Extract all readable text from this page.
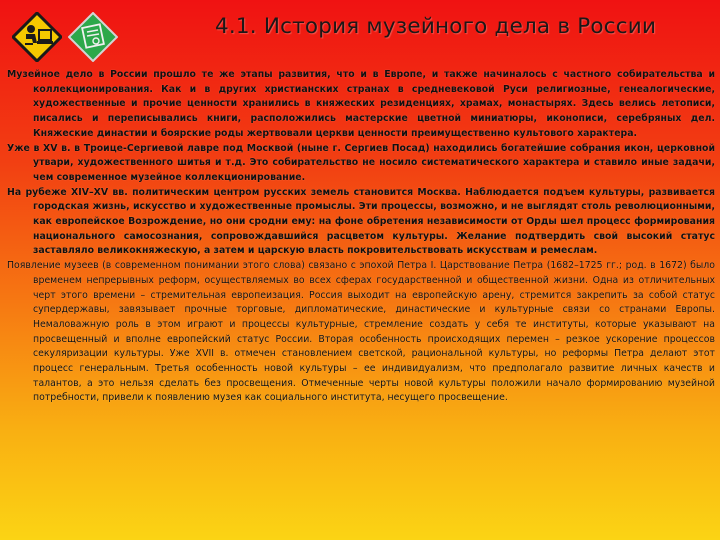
4.1. История музейного дела в России

Музейное дело в России прошло те же этапы развития, что и в Европе, и также начиналось с частного собирательства и коллекционирования. Как и в других христианских странах в средневековой Руси религиозные, генеалогические, художественные и прочие ценности хранились в княжеских резиденциях, храмах, монастырях. Здесь велись летописи, писались и переписывались книги, расположились мастерские цветной миниатюры, иконописи, серебряных дел. Княжеские династии и боярские роды жертвовали церкви ценности преимущественно культового характера.

Уже в XV в. в Троице-Сергиевой лавре под Москвой (ныне г. Сергиев Посад) находились богатейшие собрания икон, церковной утвари, художественного шитья и т.д. Это собирательство не носило систематического характера и ставило иные задачи, чем современное музейное коллекционирование.

На рубеже XIV–XV вв. политическим центром русских земель становится Москва. Наблюдается подъем культуры, развивается городская жизнь, искусство и художественные промыслы. Эти процессы, возможно, и не выглядят столь революционными, как европейское Возрождение, но они сродни ему: на фоне обретения независимости от Орды шел процесс формирования национального самосознания, сопровождавшийся расцветом культуры. Желание подтвердить свой высокий статус заставляло великокняжескую, а затем и царскую власть покровительствовать искусствам и ремеслам.

Появление музеев (в современном понимании этого слова) связано с эпохой Петра I. Царствование Петра (1682–1725 гг.; род. в 1672) было временем непрерывных реформ, осуществляемых во всех сферах государственной и общественной жизни. Одна из отличительных черт этого времени – стремительная европеизация. Россия выходит на европейскую арену, стремится закрепить за собой статус супердержавы, завязывает прочные торговые, дипломатические, династические и культурные связи со странами Европы. Немаловажную роль в этом играют и процессы культурные, стремление создать у себя те институты, которые указывают на просвещенный и вполне европейский статус России. Вторая особенность происходящих перемен – резкое ускорение процессов секуляризации культуры. Уже XVII в. отмечен становлением светской, рациональной культуры, но реформы Петра делают этот процесс генеральным. Третья особенность новой культуры – ее индивидуализм, что предполагало развитие личных качеств и талантов, а это нельзя сделать без просвещения. Отмеченные черты новой культуры положили начало формированию музейной потребности, привели к появлению музея как социального института, несущего просвещение.
